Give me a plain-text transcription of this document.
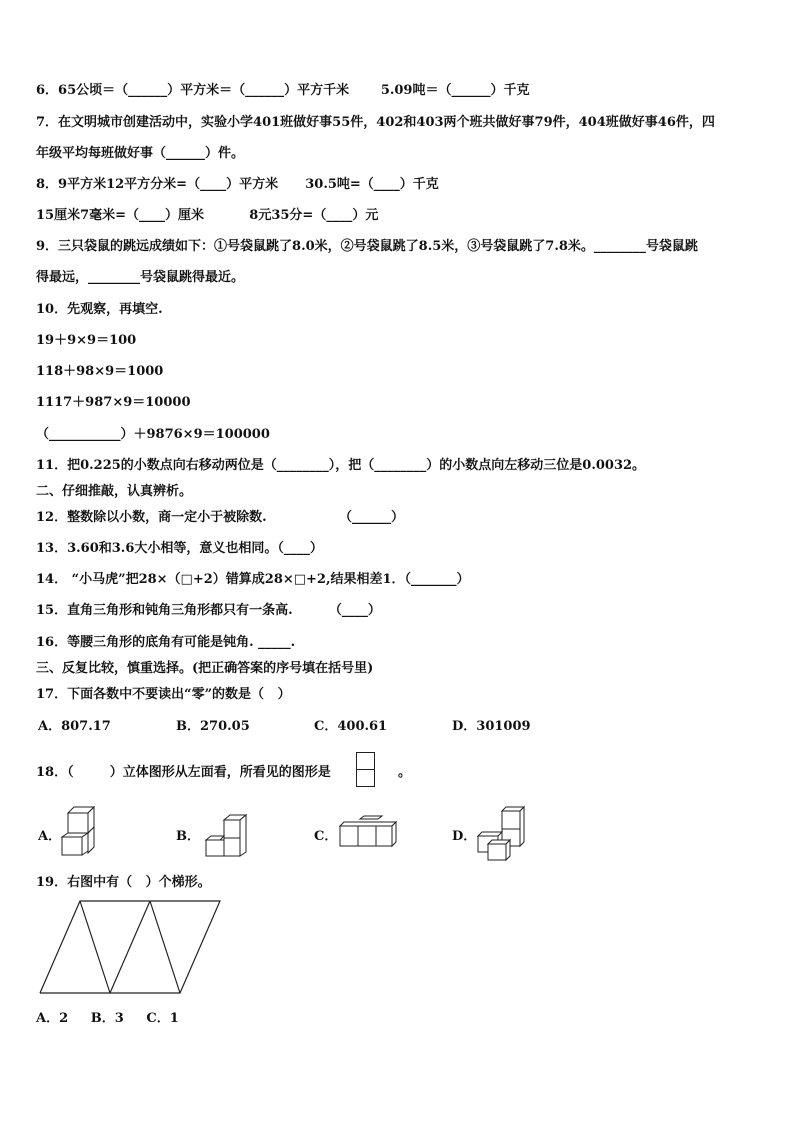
6．65公顷＝（______）平方米＝（______）平方千米       5.09吨＝（______）千克
7．在文明城市创建活动中，实验小学401班做好事55件，402和403两个班共做好事79件，404班做好事46件，四
年级平均每班做好事（______）件。
8．9平方米12平方分米=（____）平方米      30.5吨=（____）千克
15厘米7毫米=（____）厘米          8元35分=（____）元
9．三只袋鼠的跳远成绩如下：①号袋鼠跳了8.0米，②号袋鼠跳了8.5米，③号袋鼠跳了7.8米。________号袋鼠跳
得最远，________号袋鼠跳得最近。
10．先观察，再填空.
19＋9×9＝100
118＋98×9＝1000
1117＋987×9＝10000
（___________）＋9876×9＝100000
11．把0.225的小数点向右移动两位是（________），把（________）的小数点向左移动三位是0.0032。
二、仔细推敲，认真辨析。
12．整数除以小数，商一定小于被除数.                （______）
13．3.60和3.6大小相等，意义也相同。（____）
14． “小马虎”把28×（□+2）错算成28×□+2,结果相差1．（_______）
15．直角三角形和钝角三角形都只有一条高.        （____）
16．等腰三角形的底角有可能是钝角. _____.
三、反复比较，慎重选择。(把正确答案的序号填在括号里)
17．下面各数中不要读出“零”的数是（   ）
A．807.17	B．270.05	C．400.61	D．301009
18．（        ）立体图形从左面看，所看见的图形是	。
A．	B．	C．	D．
19．右图中有（   ）个梯形。
A．2     B．3     C．1
